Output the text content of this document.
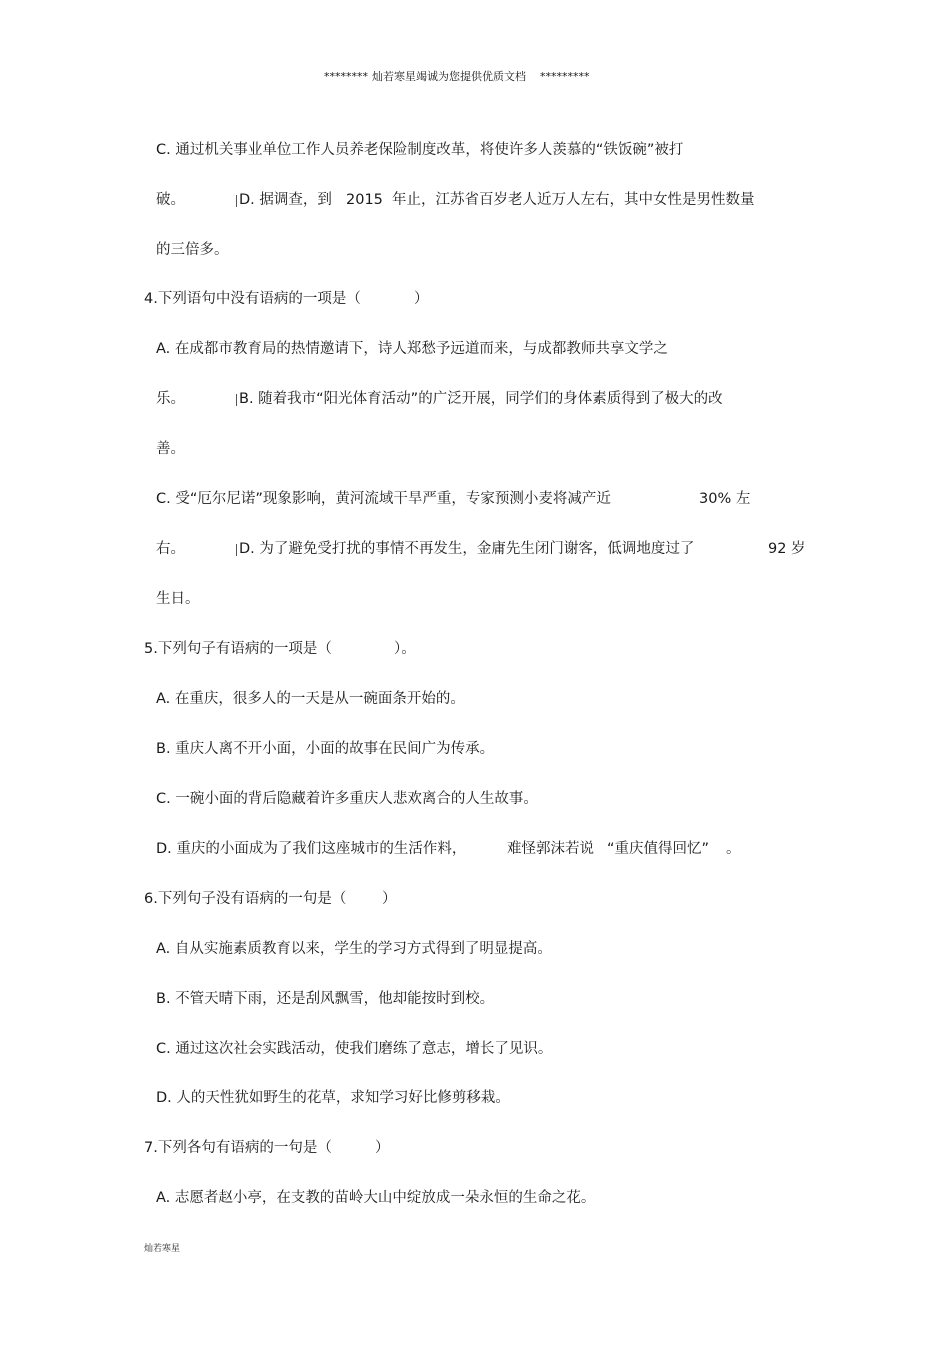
******** 灿若寒星竭诚为您提供优质文档 *********
C. 通过机关事业单位工作人员养老保险制度改革，将使许多人羡慕的“铁饭碗”被打
破。	D. 据调查，到 2015 年止，江苏省百岁老人近万人左右，其中女性是男性数量
的三倍多。
4.下列语句中没有语病的一项是（	）
A. 在成都市教育局的热情邀请下，诗人郑愁予远道而来，与成都教师共享文学之
乐。	B. 随着我市“阳光体育活动”的广泛开展，同学们的身体素质得到了极大的改
善。
C. 受“厄尔尼诺”现象影响，黄河流域干旱严重，专家预测小麦将减产近	30% 左
右。	D. 为了避免受打扰的事情不再发生，金庸先生闭门谢客，低调地度过了	92 岁
生日。
5.下列句子有语病的一项是（	）。
A. 在重庆，很多人的一天是从一碗面条开始的。
B. 重庆人离不开小面，小面的故事在民间广为传承。
C. 一碗小面的背后隐藏着许多重庆人悲欢离合的人生故事。
D. 重庆的小面成为了我们这座城市的生活作料，	难怪郭沫若说 “重庆值得回忆” 。
6.下列句子没有语病的一句是（ ）
A. 自从实施素质教育以来，学生的学习方式得到了明显提高。
B. 不管天晴下雨，还是刮风飘雪，他却能按时到校。
C. 通过这次社会实践活动，使我们磨练了意志，增长了见识。
D. 人的天性犹如野生的花草，求知学习好比修剪移栽。
7.下列各句有语病的一句是（	）
A. 志愿者赵小亭，在支教的苗岭大山中绽放成一朵永恒的生命之花。
灿若寒星
